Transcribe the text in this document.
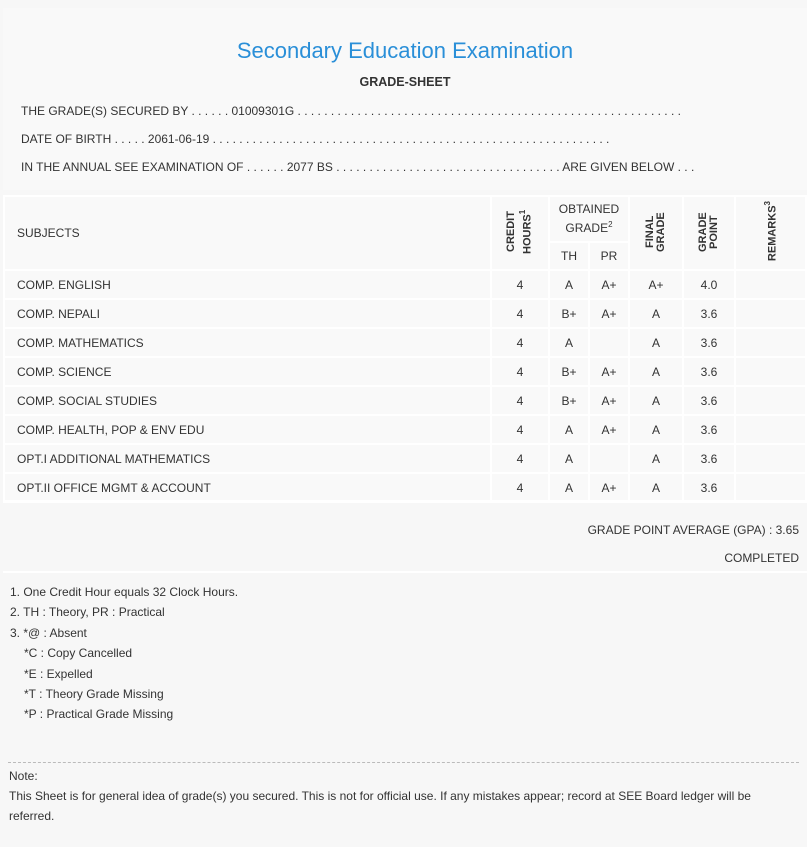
Secondary Education Examination
GRADE-SHEET
THE GRADE(S) SECURED BY . . . . . . 01009301G . . . . . . . . . . . . . . . . . . . . . . . . . . . . . . . . . . . . . . . . . . . . . . . . . . . . . . . . . .
DATE OF BIRTH . . . . . 2061-06-19 . . . . . . . . . . . . . . . . . . . . . . . . . . . . . . . . . . . . . . . . . . . . . . . . . . . . . . . . . . . .
IN THE ANNUAL SEE EXAMINATION OF . . . . . . 2077 BS . . . . . . . . . . . . . . . . . . . . . . . . . . . . . . . . . . ARE GIVEN BELOW . . .
SUBJECTS	CREDIT HOURS$^1$	OBTAINED GRADE$^2$		FINAL GRADE	GRADE POINT	REMARKS$^3$
		TH	PR			
COMP. ENGLISH	4	A	A+	A+	4.0	
COMP. NEPALI	4	B+	A+	A	3.6	
COMP. MATHEMATICS	4	A		A	3.6	
COMP. SCIENCE	4	B+	A+	A	3.6	
COMP. SOCIAL STUDIES	4	B+	A+	A	3.6	
COMP. HEALTH, POP & ENV EDU	4	A	A+	A	3.6	
OPT.I ADDITIONAL MATHEMATICS	4	A		A	3.6	
OPT.II OFFICE MGMT & ACCOUNT	4	A	A+	A	3.6	
GRADE POINT AVERAGE (GPA) : 3.65
COMPLETED
1. One Credit Hour equals 32 Clock Hours.
2. TH : Theory, PR : Practical
3. *@ : Absent
*C : Copy Cancelled
*E : Expelled
*T : Theory Grade Missing
*P : Practical Grade Missing
Note:
This Sheet is for general idea of grade(s) you secured. This is not for official use. If any mistakes appear; record at SEE Board ledger will be referred.
